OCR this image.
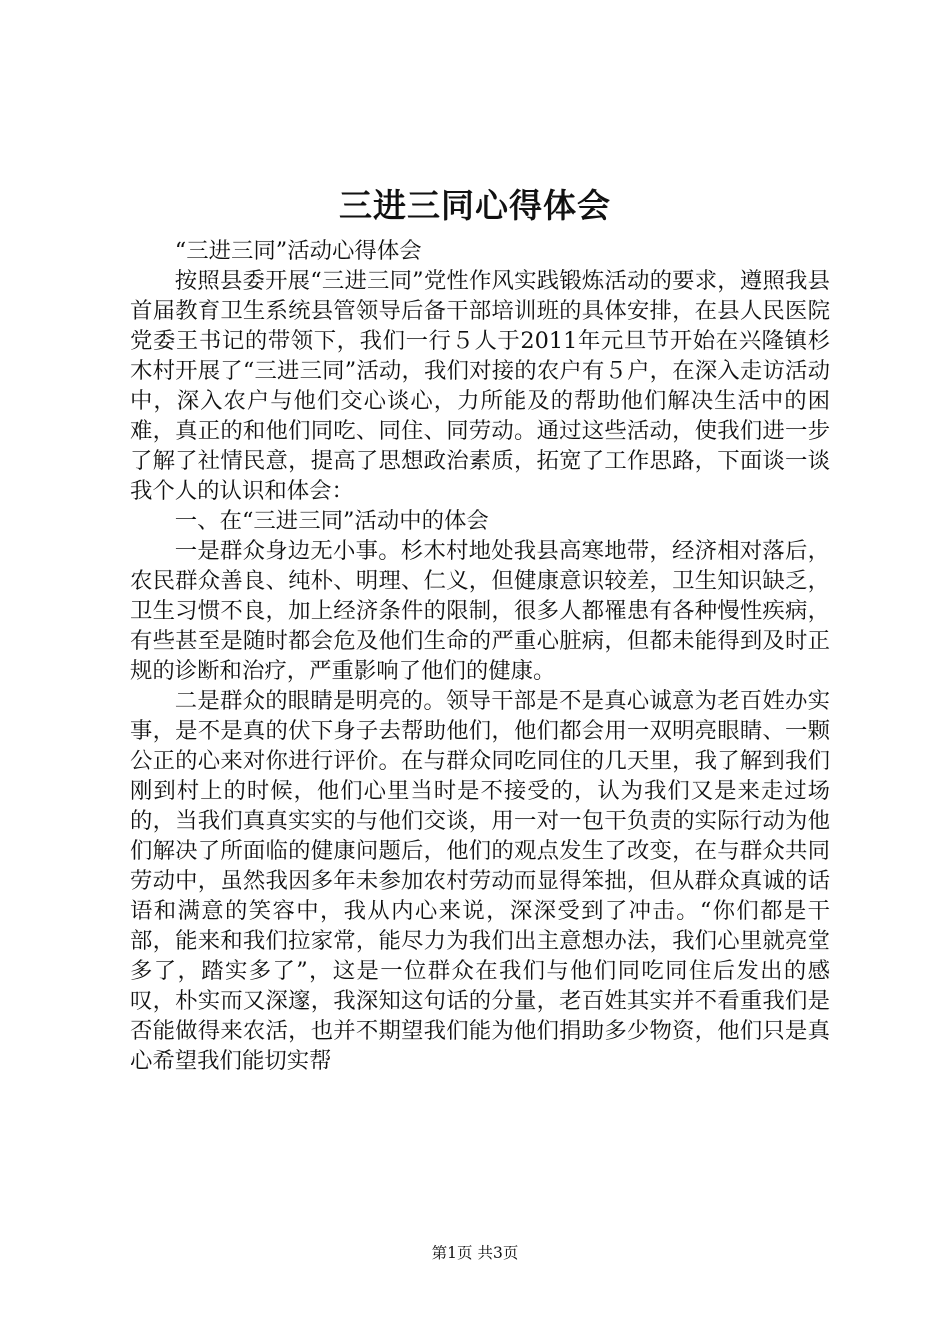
三进三同心得体会

“三进三同”活动心得体会

按照县委开展“三进三同”党性作风实践锻炼活动的要求，遵照我县首届教育卫生系统县管领导后备干部培训班的具体安排，在县人民医院党委王书记的带领下，我们一行５人于2011年元旦节开始在兴隆镇杉木村开展了“三进三同”活动，我们对接的农户有５户，在深入走访活动中，深入农户与他们交心谈心，力所能及的帮助他们解决生活中的困难，真正的和他们同吃、同住、同劳动。通过这些活动，使我们进一步了解了社情民意，提高了思想政治素质，拓宽了工作思路，下面谈一谈我个人的认识和体会：

一、在“三进三同”活动中的体会

一是群众身边无小事。杉木村地处我县高寒地带，经济相对落后，农民群众善良、纯朴、明理、仁义，但健康意识较差，卫生知识缺乏，卫生习惯不良，加上经济条件的限制，很多人都罹患有各种慢性疾病，有些甚至是随时都会危及他们生命的严重心脏病，但都未能得到及时正规的诊断和治疗，严重影响了他们的健康。

二是群众的眼睛是明亮的。领导干部是不是真心诚意为老百姓办实事，是不是真的伏下身子去帮助他们，他们都会用一双明亮眼睛、一颗公正的心来对你进行评价。在与群众同吃同住的几天里，我了解到我们刚到村上的时候，他们心里当时是不接受的，认为我们又是来走过场的，当我们真真实实的与他们交谈，用一对一包干负责的实际行动为他们解决了所面临的健康问题后，他们的观点发生了改变，在与群众共同劳动中，虽然我因多年未参加农村劳动而显得笨拙，但从群众真诚的话语和满意的笑容中，我从内心来说，深深受到了冲击。“你们都是干部，能来和我们拉家常，能尽力为我们出主意想办法，我们心里就亮堂多了，踏实多了”，这是一位群众在我们与他们同吃同住后发出的感叹，朴实而又深邃，我深知这句话的分量，老百姓其实并不看重我们是否能做得来农活，也并不期望我们能为他们捐助多少物资，他们只是真心希望我们能切实帮

第1页 共3页
